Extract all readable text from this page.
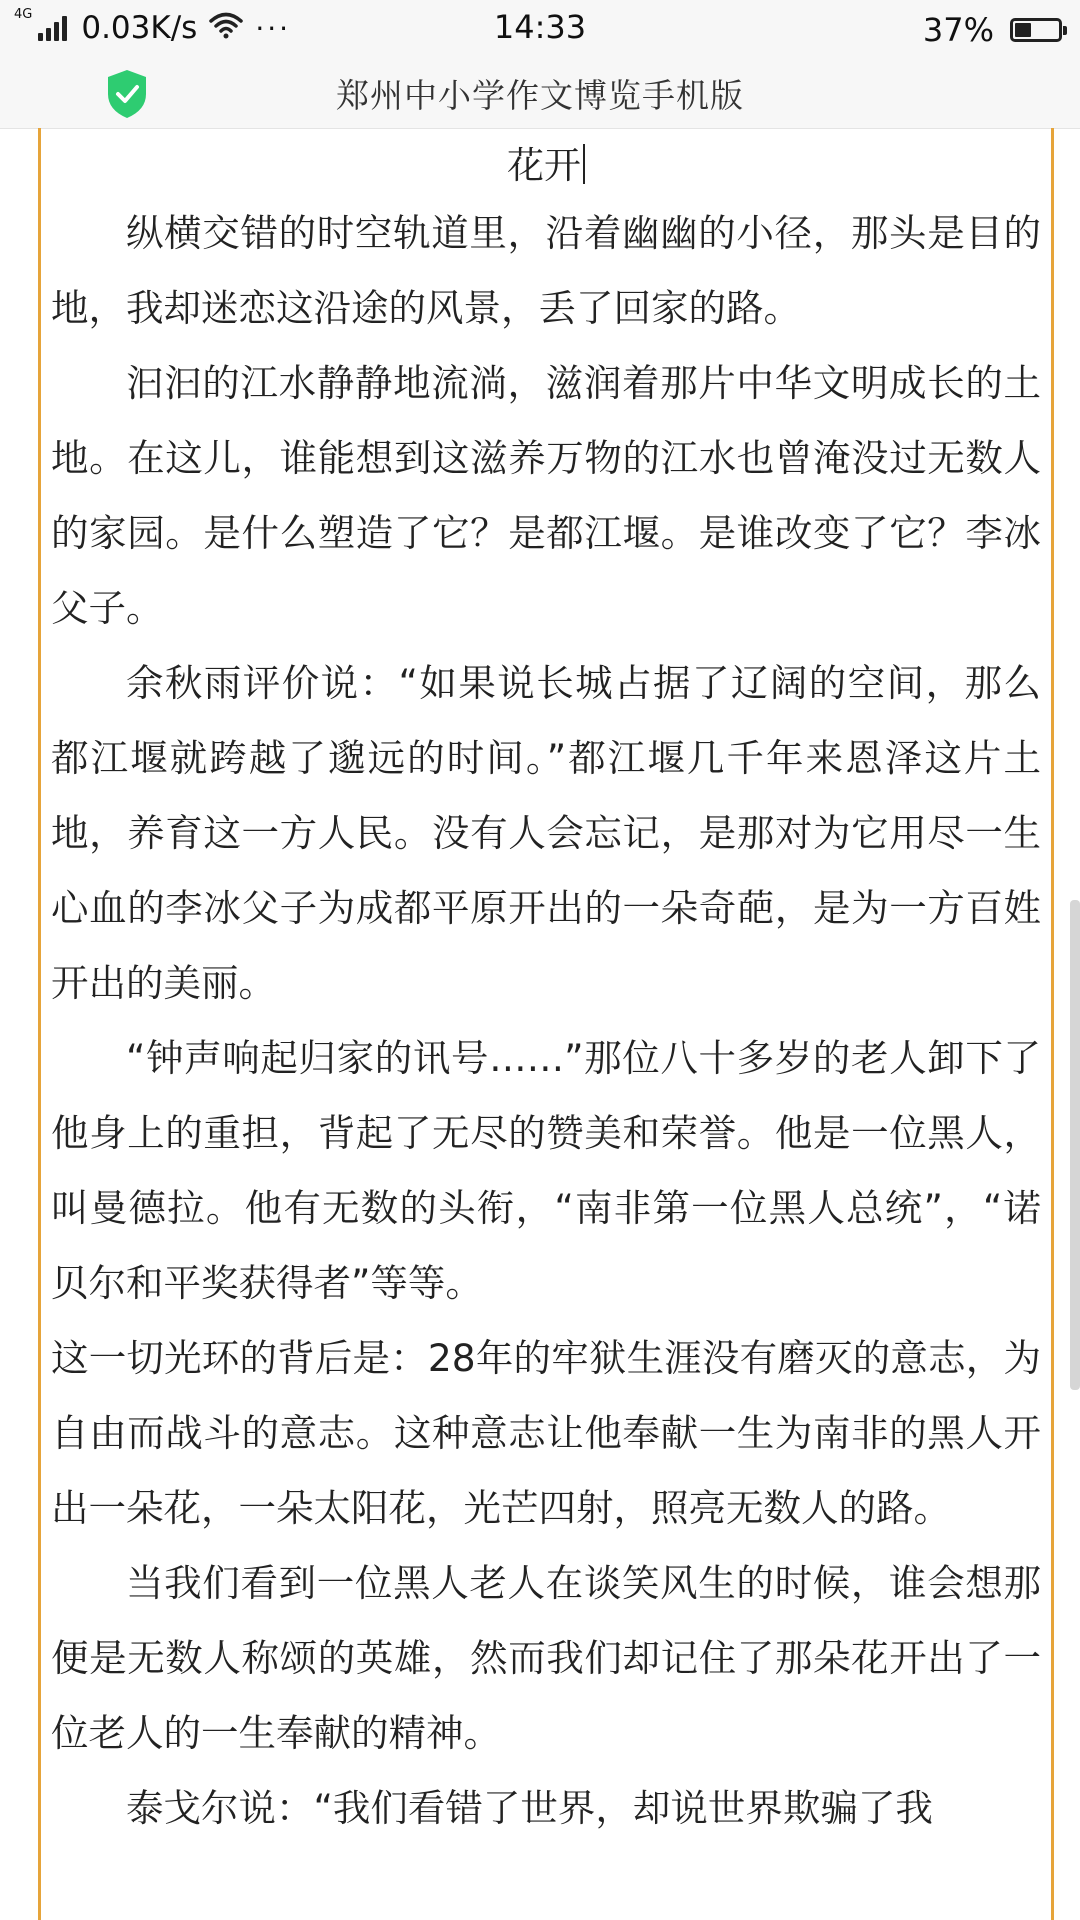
4G 0.03K/s ···	14:33	37%
郑州中小学作文博览手机版
花开

纵横交错的时空轨道里，沿着幽幽的小径，那头是目的地，我却迷恋这沿途的风景，丢了回家的路。

汩汩的江水静静地流淌，滋润着那片中华文明成长的土地。在这儿，谁能想到这滋养万物的江水也曾淹没过无数人的家园。是什么塑造了它？是都江堰。是谁改变了它？李冰父子。

余秋雨评价说：“如果说长城占据了辽阔的空间，那么都江堰就跨越了邈远的时间。”都江堰几千年来恩泽这片土地，养育这一方人民。没有人会忘记，是那对为它用尽一生心血的李冰父子为成都平原开出的一朵奇葩，是为一方百姓开出的美丽。

“钟声响起归家的讯号……”那位八十多岁的老人卸下了他身上的重担，背起了无尽的赞美和荣誉。他是一位黑人，叫曼德拉。他有无数的头衔，“南非第一位黑人总统”，“诺贝尔和平奖获得者”等等。

这一切光环的背后是：28年的牢狱生涯没有磨灭的意志，为自由而战斗的意志。这种意志让他奉献一生为南非的黑人开出一朵花，一朵太阳花，光芒四射，照亮无数人的路。

当我们看到一位黑人老人在谈笑风生的时候，谁会想那便是无数人称颂的英雄，然而我们却记住了那朵花开出了一位老人的一生奉献的精神。

泰戈尔说：“我们看错了世界，却说世界欺骗了我
